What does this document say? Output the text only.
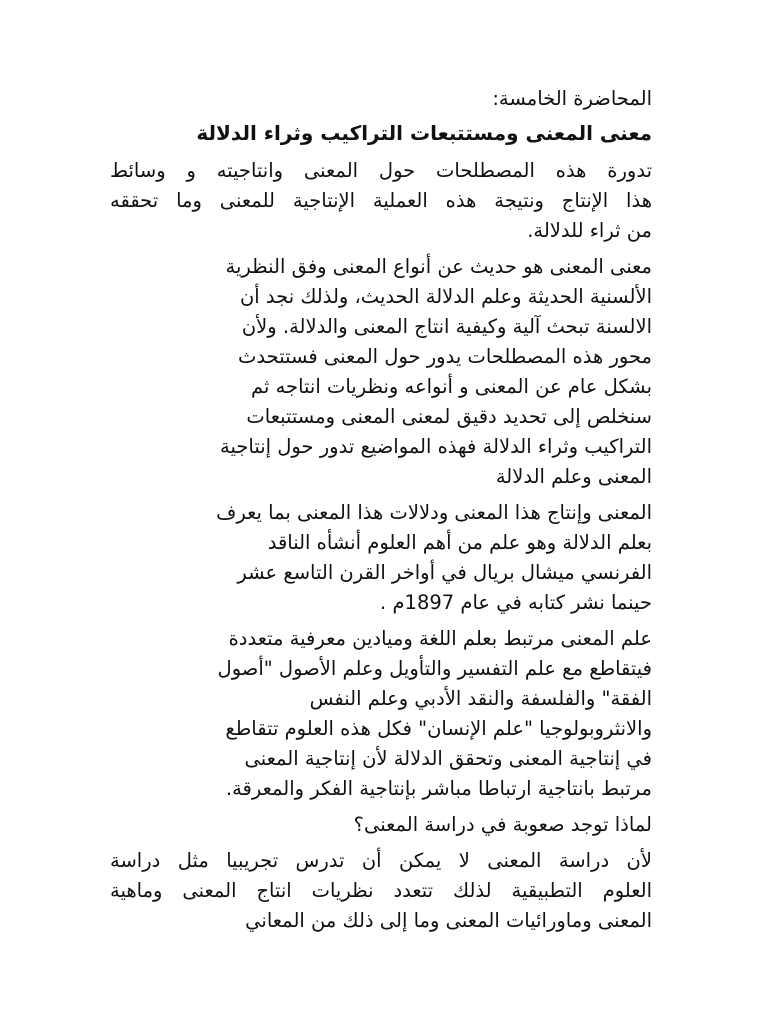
المحاضرة الخامسة:
معنى المعنى ومستتبعات التراكيب وثراء الدلالة
تدورة هذه المصطلحات حول المعنى وانتاجيته و وسائط
هذا الإنتاج ونتيجة هذه العملية الإنتاجية للمعنى وما تحققه
من ثراء للدلالة.
معنى المعنى هو حديث عن أنواع المعنى وفق النظرية
الألسنية الحديثة وعلم الدلالة الحديث، ولذلك نجد أن
الالسنة تبحث آلية وكيفية انتاج المعنى والدلالة. ولأن
محور هذه المصطلحات يدور حول المعنى فستتحدث
بشكل عام عن المعنى و أنواعه ونظريات انتاجه ثم
سنخلص إلى تحديد دقيق لمعنى المعنى ومستتبعات
التراكيب وثراء الدلالة فهذه المواضيع تدور حول إنتاجية
المعنى وعلم الدلالة
المعنى وإنتاج هذا المعنى ودلالات هذا المعنى بما يعرف
بعلم الدلالة وهو علم من أهم العلوم أنشأه الناقد
الفرنسي ميشال بريال في أواخر القرن التاسع عشر
حينما نشر كتابه في عام 1897م .
علم المعنى مرتبط بعلم اللغة وميادين معرفية متعددة
فيتقاطع مع علم التفسير والتأويل وعلم الأصول "أصول
الفقة" والفلسفة والنقد الأدبي وعلم النفس
والانثروبولوجيا "علم الإنسان" فكل هذه العلوم تتقاطع
في إنتاجية المعنى وتحقق الدلالة لأن إنتاجية المعنى
مرتبط بانتاجية ارتباطا مباشر بإنتاجية الفكر والمعرقة.
لماذا توجد صعوبة في دراسة المعنى؟
لأن دراسة المعنى لا يمكن أن تدرس تجريبيا مثل دراسة
العلوم التطبيقية لذلك تتعدد نظريات انتاج المعنى وماهية
المعنى وماورائيات المعنى وما إلى ذلك من المعاني
